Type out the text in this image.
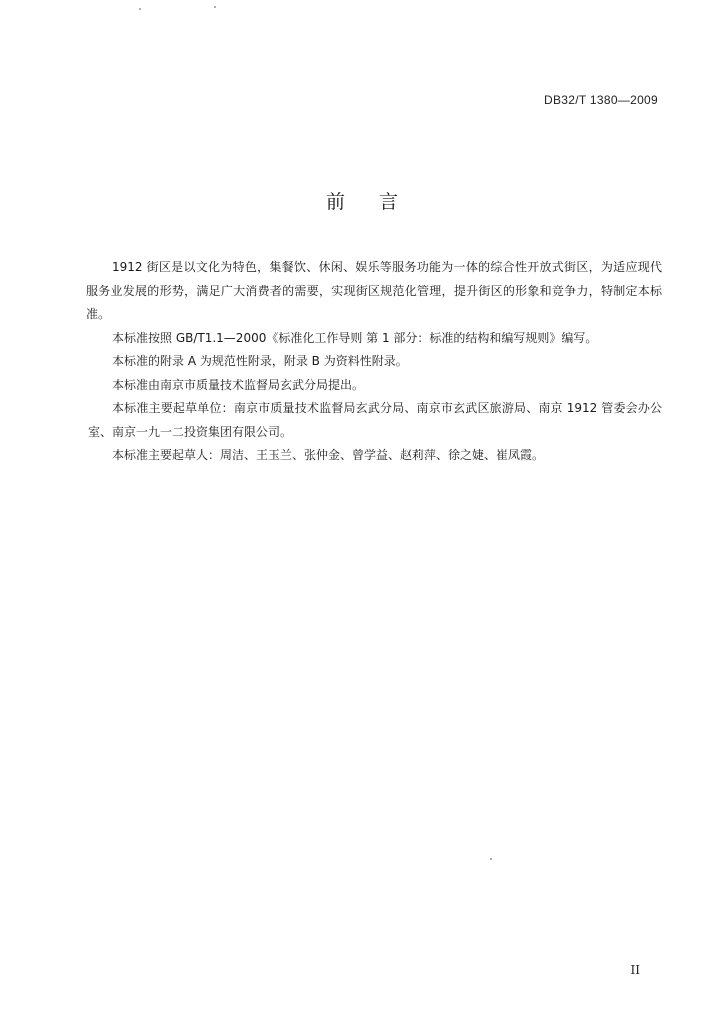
DB32/T 1380—2009
前言

1912 街区是以文化为特色，集餐饮、休闲、娱乐等服务功能为一体的综合性开放式街区，为适应现代服务业发展的形势，满足广大消费者的需要，实现街区规范化管理，提升街区的形象和竞争力，特制定本标准。

本标准按照 GB/T1.1—2000《标准化工作导则 第 1 部分：标准的结构和编写规则》编写。

本标准的附录 A 为规范性附录，附录 B 为资料性附录。

本标准由南京市质量技术监督局玄武分局提出。

本标准主要起草单位：南京市质量技术监督局玄武分局、南京市玄武区旅游局、南京 1912 管委会办公室、南京一九一二投资集团有限公司。

本标准主要起草人：周洁、王玉兰、张仲金、曾学益、赵莉萍、徐之婕、崔凤霞。

II
